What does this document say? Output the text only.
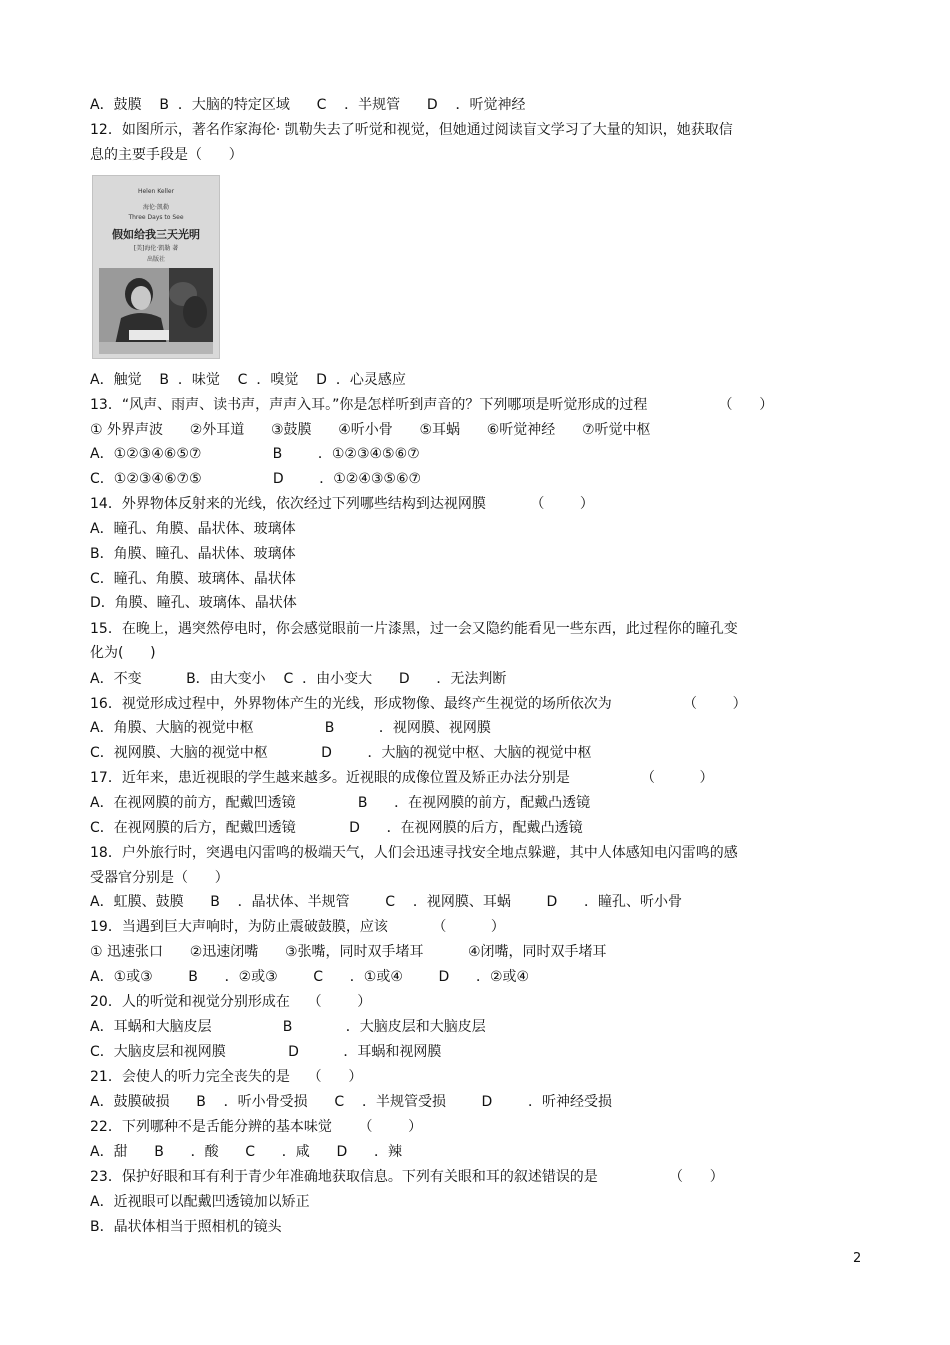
A．鼓膜    B  ．大脑的特定区域      C    ．半规管      D    ．听觉神经
12．如图所示，著名作家海伦· 凯勒失去了听觉和视觉，但她通过阅读盲文学习了大量的知识，她获取信
息的主要手段是（      ）
A．触觉    B  ．味觉    C  ．嗅觉    D  ．心灵感应
13．“风声、雨声、读书声，声声入耳。”你是怎样听到声音的？下列哪项是听觉形成的过程                （      ）
① 外界声波      ②外耳道      ③鼓膜      ④听小骨      ⑤耳蜗      ⑥听觉神经      ⑦听觉中枢
A．①②③④⑥⑤⑦                B        ．①②③④⑤⑥⑦
C．①②③④⑥⑦⑤                D        ．①②④③⑤⑥⑦
14．外界物体反射来的光线，依次经过下列哪些结构到达视网膜          （        ）
A．瞳孔、角膜、晶状体、玻璃体
B．角膜、瞳孔、晶状体、玻璃体
C．瞳孔、角膜、玻璃体、晶状体
D．角膜、瞳孔、玻璃体、晶状体
15．在晚上，遇突然停电时，你会感觉眼前一片漆黑，过一会又隐约能看见一些东西，此过程你的瞳孔变
化为(      )
A．不变          B．由大变小    C  ．由小变大      D      ．无法判断
16．视觉形成过程中，外界物体产生的光线，形成物像、最终产生视觉的场所依次为                （        ）
A．角膜、大脑的视觉中枢                B          ．视网膜、视网膜
C．视网膜、大脑的视觉中枢            D        ．大脑的视觉中枢、大脑的视觉中枢
17．近年来，患近视眼的学生越来越多。近视眼的成像位置及矫正办法分别是                （          ）
A．在视网膜的前方，配戴凹透镜              B      ．在视网膜的前方，配戴凸透镜
C．在视网膜的后方，配戴凹透镜            D      ．在视网膜的后方，配戴凸透镜
18．户外旅行时，突遇电闪雷鸣的极端天气，人们会迅速寻找安全地点躲避，其中人体感知电闪雷鸣的感
受器官分别是（      ）
A．虹膜、鼓膜      B    ．晶状体、半规管        C    ．视网膜、耳蜗        D      ．瞳孔、听小骨
19．当遇到巨大声响时，为防止震破鼓膜，应该          （          ）
① 迅速张口      ②迅速闭嘴      ③张嘴，同时双手堵耳          ④闭嘴，同时双手堵耳
A．①或③        B      ．②或③        C      ．①或④        D      ．②或④
20．人的听觉和视觉分别形成在    （        ）
A．耳蜗和大脑皮层                B            ．大脑皮层和大脑皮层
C．大脑皮层和视网膜              D          ．耳蜗和视网膜
21．会使人的听力完全丧失的是    （      ）
A．鼓膜破损      B    ．听小骨受损      C    ．半规管受损        D        ．听神经受损
22．下列哪种不是舌能分辨的基本味觉      （        ）
A．甜      B      ．酸      C      ．咸      D      ．辣
23．保护好眼和耳有利于青少年准确地获取信息。下列有关眼和耳的叙述错误的是                （      ）
A．近视眼可以配戴凹透镜加以矫正
B．晶状体相当于照相机的镜头
Helen Keller
海伦·凯勒
Three Days to See
假如给我三天光明
[美]海伦·凯勒 著
出版社
2
